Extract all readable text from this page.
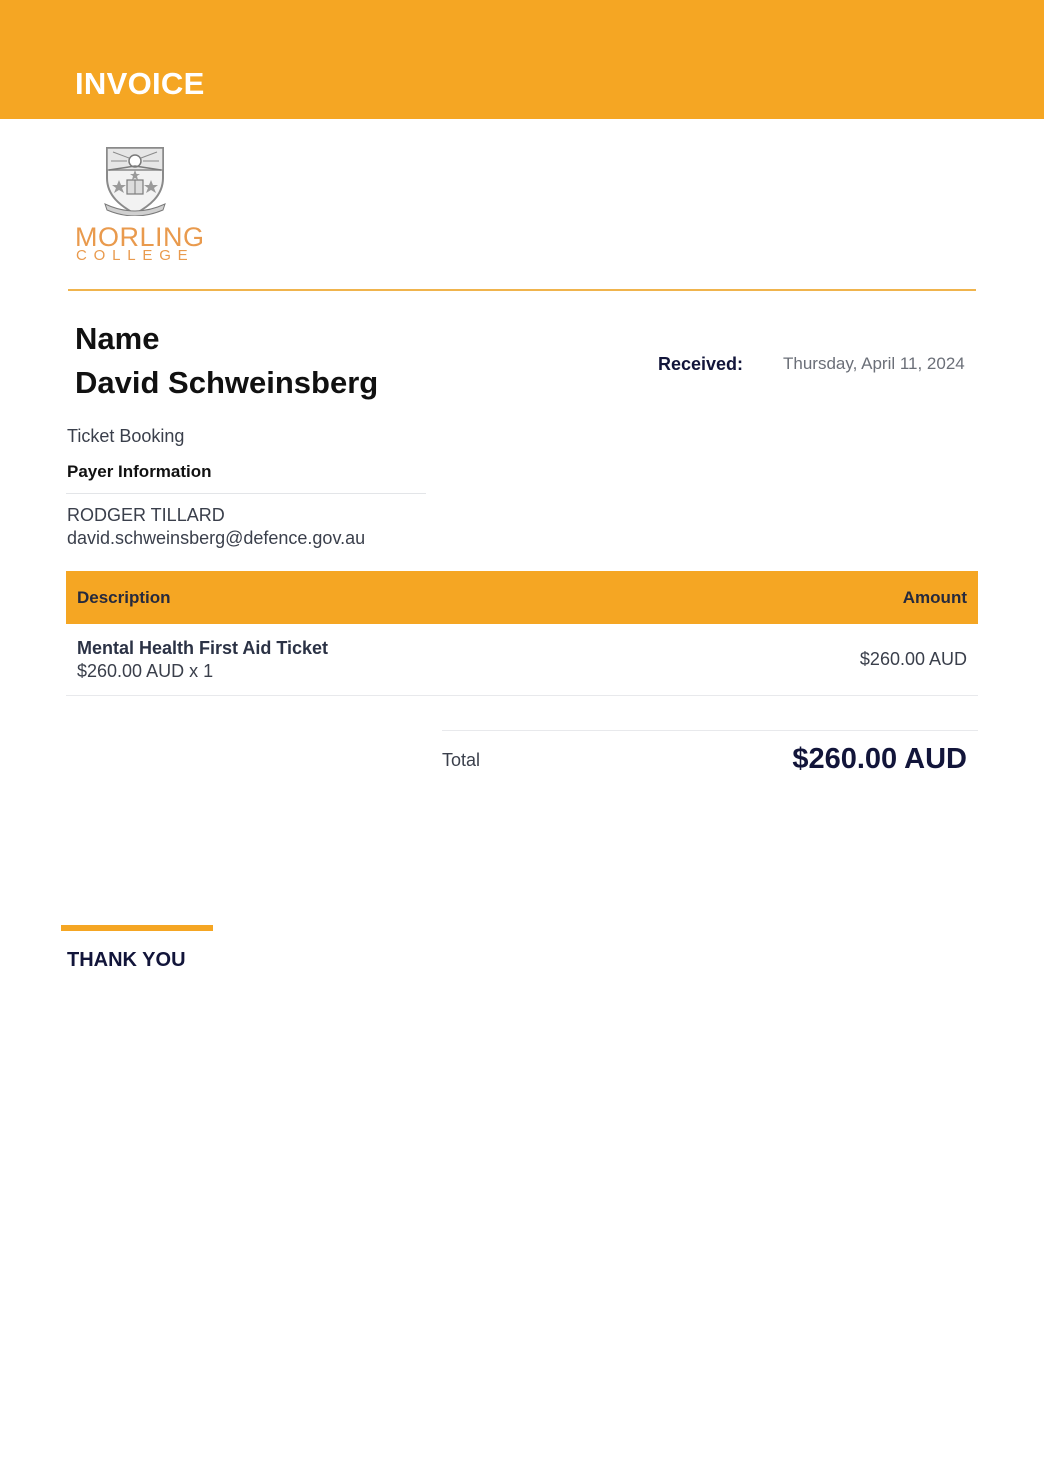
INVOICE
MORLING
COLLEGE
Name
David Schweinsberg
Received: Thursday, April 11, 2024
Ticket Booking
Payer Information
RODGER TILLARD
david.schweinsberg@defence.gov.au
Description	Amount
Mental Health First Aid Ticket
$260.00 AUD x 1
$260.00 AUD
Total	$260.00 AUD
THANK YOU
